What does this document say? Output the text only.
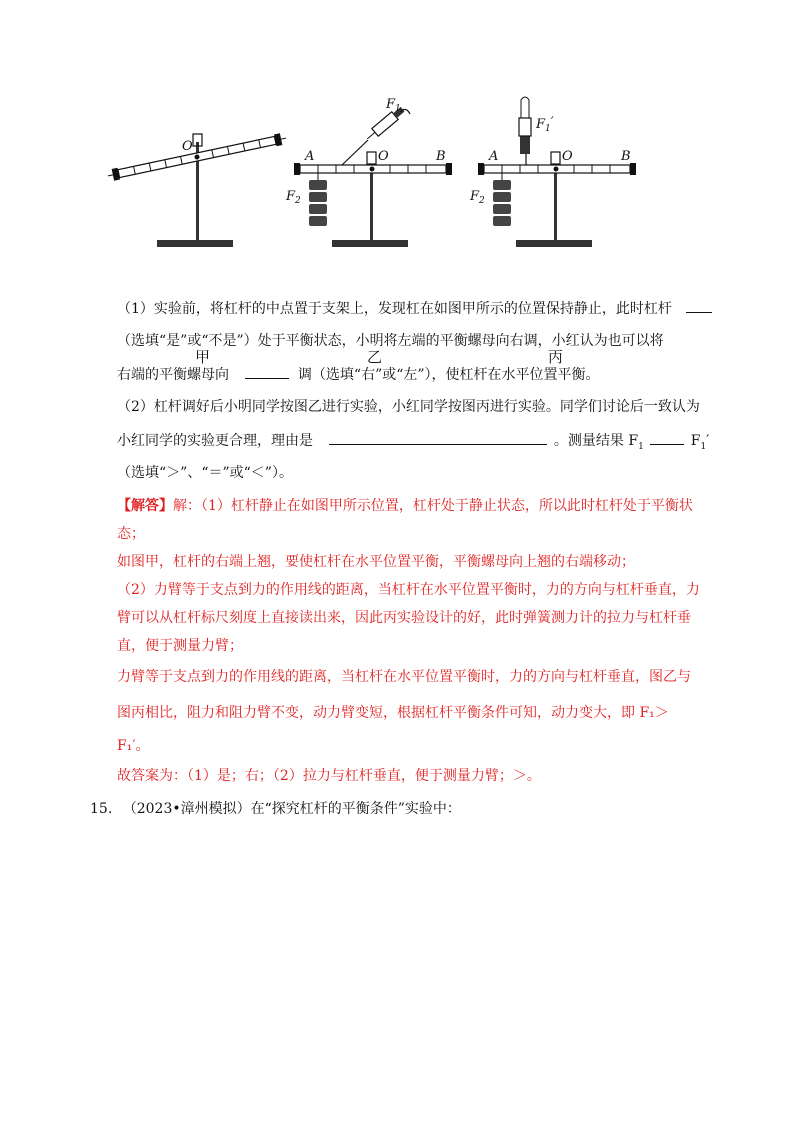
O
$F_1$
A	B
O
$F_2$
$F_1'$
A	B
O
$F_2$
甲	乙	丙
（1）实验前，将杠杆的中点置于支架上，发现杠在如图甲所示的位置保持静止，此时杠杆
（选填“是”或“不是”）处于平衡状态，小明将左端的平衡螺母向右调，小红认为也可以将
右端的平衡螺母向	调（选填“右”或“左”），使杠杆在水平位置平衡。
（2）杠杆调好后小明同学按图乙进行实验，小红同学按图丙进行实验。同学们讨论后一致认为
小红同学的实验更合理，理由是	。测量结果 $F_1$	$F_1'$
（选填“＞”、“＝”或“＜”）。
【解答】解：（1）杠杆静止在如图甲所示位置，杠杆处于静止状态，所以此时杠杆处于平衡状
态；
如图甲，杠杆的右端上翘，要使杠杆在水平位置平衡，平衡螺母向上翘的右端移动；
（2）力臂等于支点到力的作用线的距离，当杠杆在水平位置平衡时，力的方向与杠杆垂直，力
臂可以从杠杆标尺刻度上直接读出来，因此丙实验设计的好，此时弹簧测力计的拉力与杠杆垂
直，便于测量力臂；
力臂等于支点到力的作用线的距离，当杠杆在水平位置平衡时，力的方向与杠杆垂直，图乙与
图丙相比，阻力和阻力臂不变，动力臂变短，根据杠杆平衡条件可知，动力变大，即 F₁＞
F₁′。
故答案为：（1）是；右；（2）拉力与杠杆垂直，便于测量力臂；＞。
15. （2023•漳州模拟）在“探究杠杆的平衡条件”实验中：
